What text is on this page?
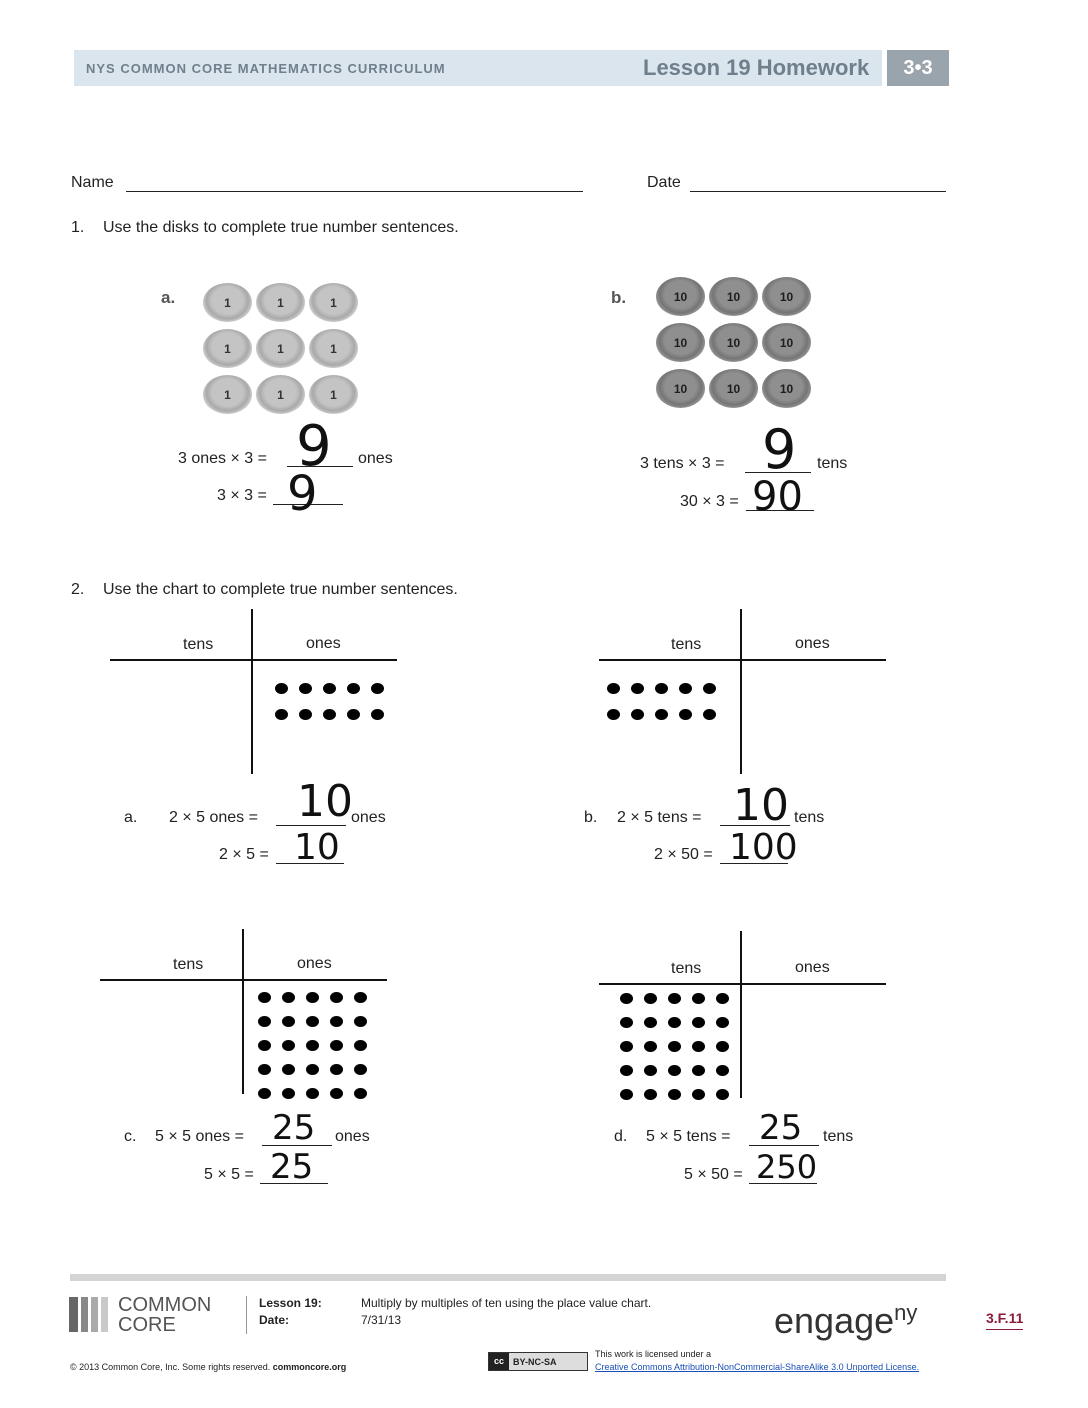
NYS COMMON CORE MATHEMATICS CURRICULUM	Lesson 19 Homework	3•3
Name	Date
1. Use the disks to complete true number sentences.
a.	1	1	1
1	1	1
1	1	1
b.	10	10	10
10	10	10
10	10	10
3 ones × 3 = 9 ones
3 × 3 = 9
3 tens × 3 = 9 tens
30 × 3 = 90
2. Use the chart to complete true number sentences.
tens	ones	tens	ones
tens	ones	tens	ones
a. 2 × 5 ones = 10
ones
2 × 5 = 10
b. 2 × 5 tens = 10 tens
2 × 50 = 100
c. 5 × 5 ones = 25 ones
5 × 5 = 25
d. 5 × 5 tens = 25 tens
5 × 50 = 250
COMMON
CORE
Lesson 19:	Multiply by multiples of ten using the place value chart.
Date:	7/31/13	engage$^{ny}$	3.F.11
© 2013 Common Core, Inc. Some rights reserved. commoncore.org
cc	BY-NC-SA
This work is licensed under a
Creative Commons Attribution-NonCommercial-ShareAlike 3.0 Unported License.
